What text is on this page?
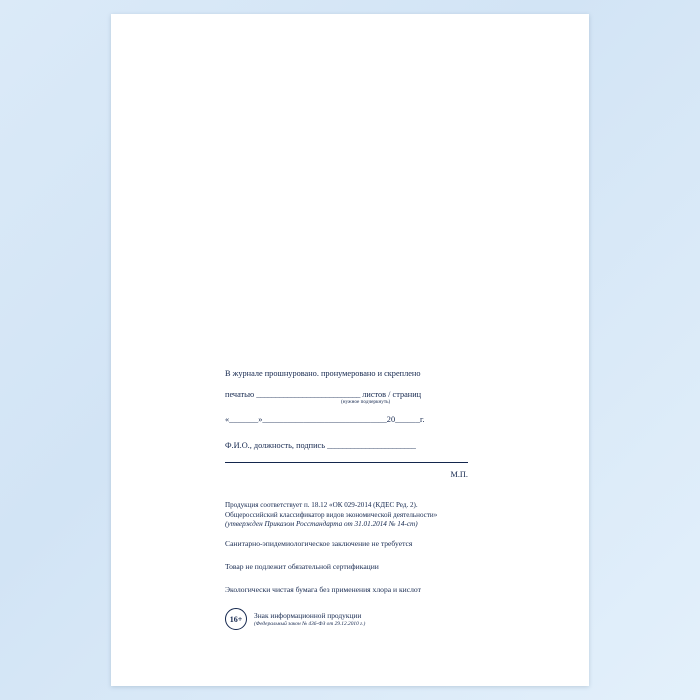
В журнале прошнуровано. пронумеровано и скреплено
печатью ___________________________ листов / страниц
(нужное подчеркнуть)
«_______»______________________________20______г.
Ф.И.О., должность, подпись _______________________
М.П.
Продукция соответствует п. 18.12 «ОК 029-2014 (КДЕС Ред. 2).
Общероссийский классификатор видов экономической деятельности»
(утвержден Приказом Росстандарта от 31.01.2014 № 14-ст)
Санитарно-эпидемиологическое заключение не требуется
Товар не подлежит обязательной сертификации
Экологически чистая бумага без применения хлора и кислот
16+	Знак информационной продукции
(Федеральный закон № 436-ФЗ от 29.12.2010 г.)
